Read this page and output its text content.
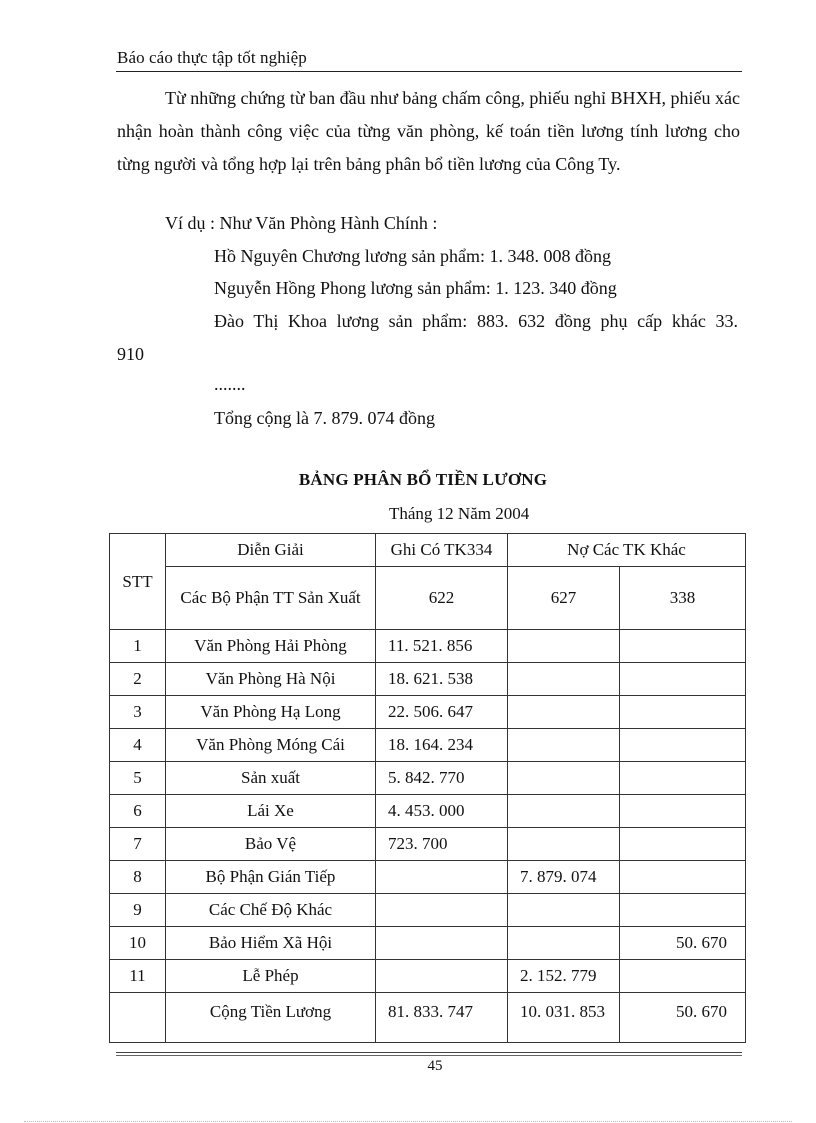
Báo cáo thực tập tốt nghiệp
Từ những chứng từ ban đầu như bảng chấm công, phiếu nghỉ BHXH, phiếu xác nhận hoàn thành công việc của từng văn phòng, kế toán tiền lương tính lương cho từng người và tổng hợp lại trên bảng phân bổ tiền lương của Công Ty.
Ví dụ : Như Văn Phòng Hành Chính :
Hồ Nguyên Chương lương sản phẩm: 1. 348. 008 đồng
Nguyễn Hồng Phong lương sản phẩm: 1. 123. 340 đồng
Đào Thị Khoa lương sản phẩm: 883. 632 đồng phụ cấp khác 33.
910
.......
Tổng cộng là 7. 879. 074 đồng
BẢNG PHÂN BỔ TIỀN LƯƠNG
Tháng 12 Năm 2004
STT	Diễn Giải	Ghi Có TK334	Nợ Các TK Khác	
	Các Bộ Phận TT Sản Xuất	622	627	338
1	Văn Phòng Hải Phòng	11. 521. 856		
2	Văn Phòng Hà Nội	18. 621. 538		
3	Văn Phòng Hạ Long	22. 506. 647		
4	Văn Phòng Móng Cái	18. 164. 234		
5	Sản xuất	5. 842. 770		
6	Lái Xe	4. 453. 000		
7	Bảo Vệ	723. 700		
8	Bộ Phận Gián Tiếp		7. 879. 074	
9	Các Chế Độ Khác			
10	Bảo Hiểm Xã Hội			50. 670
11	Lễ Phép		2. 152. 779	
	Cộng Tiền Lương	81. 833. 747	10. 031. 853	50. 670
45
